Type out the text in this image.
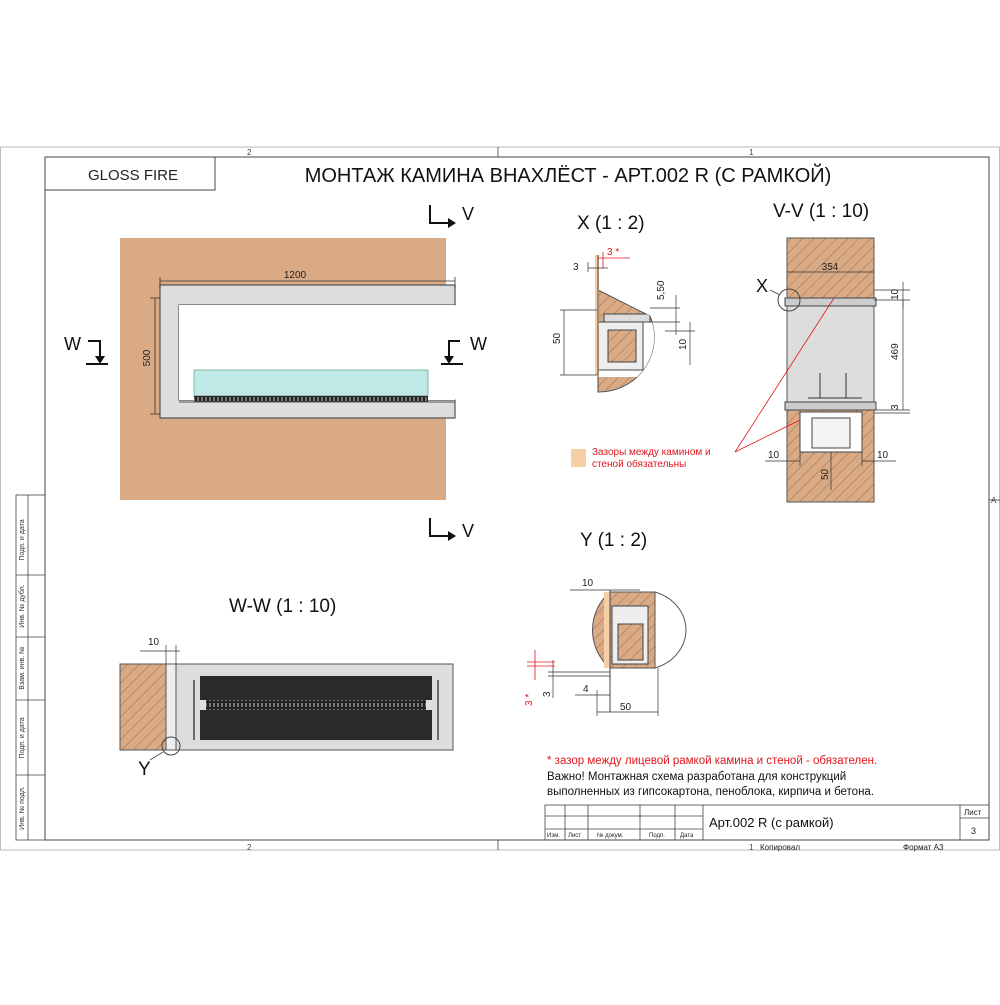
2	1
2	1
A
GLOSS FIRE	МОНТАЖ КАМИНА ВНАХЛЁСТ - АРТ.002 R (С РАМКОЙ)
1200
500
V
V
W	W
X (1 : 2)
3 *
3
5,50
50
10
V-V (1 : 10)
X
354
10
469
3
10	10
50
Зазоры между камином и
стеной обязательны
Y (1 : 2)
10
3 * 3	4
50
W-W (1 : 10)
10
Y	* зазор между лицевой рамкой камина и стеной - обязателен.
Важно! Монтажная схема разработана для конструкций
выполненных из гипсокартона, пеноблока, кирпича и бетона.
Подп. и дата
Инв. № дубл.
Взам. инв. №
Подп. и дата
Инв. № подл.	Арт.002 R (с рамкой)
Лист
3
Изм. Лист	№ докум.	Подп.	Дата
Копировал	Формат А3
